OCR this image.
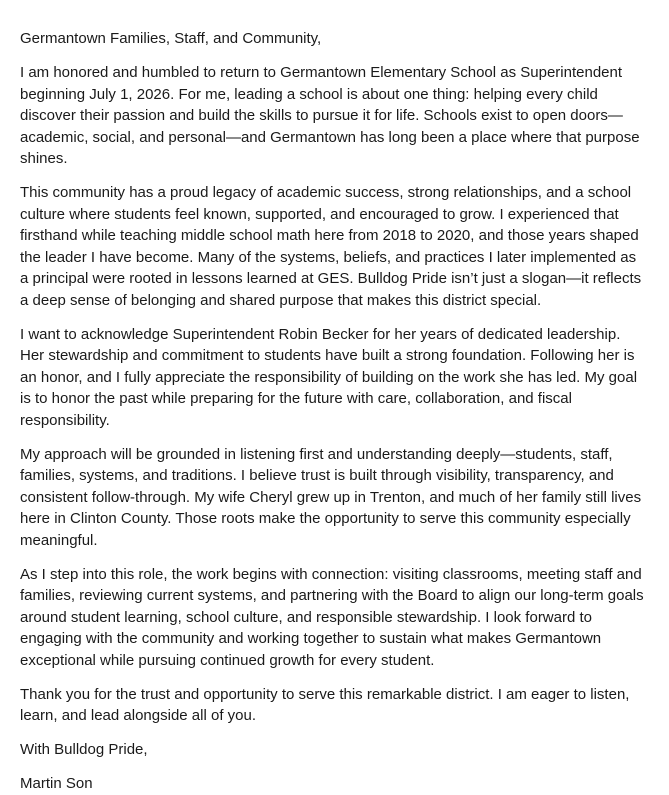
Germantown Families, Staff, and Community,

I am honored and humbled to return to Germantown Elementary School as Superintendent beginning July 1, 2026. For me, leading a school is about one thing: helping every child discover their passion and build the skills to pursue it for life. Schools exist to open doors—academic, social, and personal—and Germantown has long been a place where that purpose shines.

This community has a proud legacy of academic success, strong relationships, and a school culture where students feel known, supported, and encouraged to grow. I experienced that firsthand while teaching middle school math here from 2018 to 2020, and those years shaped the leader I have become. Many of the systems, beliefs, and practices I later implemented as a principal were rooted in lessons learned at GES. Bulldog Pride isn’t just a slogan—it reflects a deep sense of belonging and shared purpose that makes this district special.

I want to acknowledge Superintendent Robin Becker for her years of dedicated leadership. Her stewardship and commitment to students have built a strong foundation. Following her is an honor, and I fully appreciate the responsibility of building on the work she has led. My goal is to honor the past while preparing for the future with care, collaboration, and fiscal responsibility.

My approach will be grounded in listening first and understanding deeply—students, staff, families, systems, and traditions. I believe trust is built through visibility, transparency, and consistent follow-through. My wife Cheryl grew up in Trenton, and much of her family still lives here in Clinton County. Those roots make the opportunity to serve this community especially meaningful.

As I step into this role, the work begins with connection: visiting classrooms, meeting staff and families, reviewing current systems, and partnering with the Board to align our long-term goals around student learning, school culture, and responsible stewardship. I look forward to engaging with the community and working together to sustain what makes Germantown exceptional while pursuing continued growth for every student.

Thank you for the trust and opportunity to serve this remarkable district. I am eager to listen, learn, and lead alongside all of you.

With Bulldog Pride,

Martin Son
